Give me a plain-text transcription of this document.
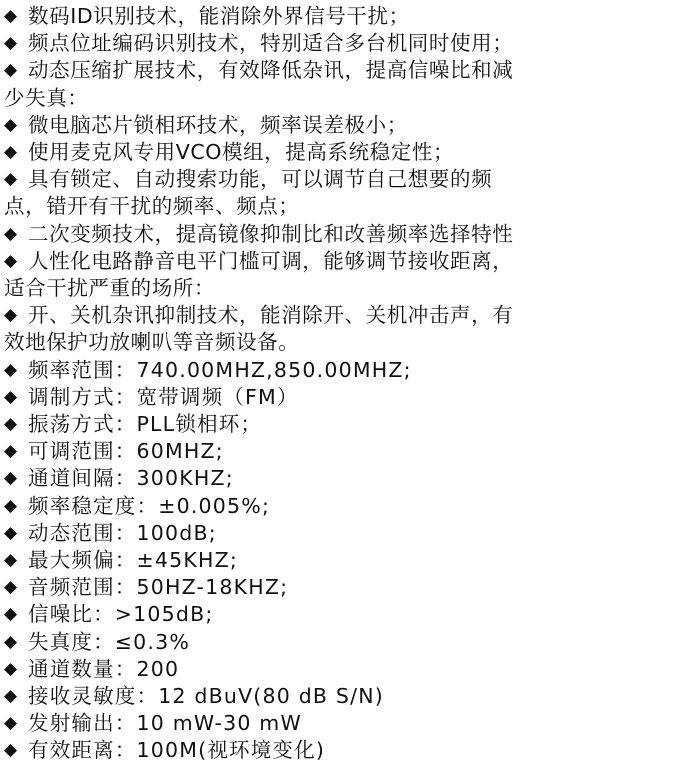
◆ 数码ID识别技术，能消除外界信号干扰；
◆ 频点位址编码识别技术，特别适合多台机同时使用；
◆ 动态压缩扩展技术，有效降低杂讯，提高信噪比和减
少失真：
◆ 微电脑芯片锁相环技术，频率误差极小；
◆ 使用麦克风专用VCO模组，提高系统稳定性；
◆ 具有锁定、自动搜索功能，可以调节自己想要的频
点，错开有干扰的频率、频点；
◆ 二次变频技术，提高镜像抑制比和改善频率选择特性
◆ 人性化电路静音电平门槛可调，能够调节接收距离，
适合干扰严重的场所：
◆ 开、关机杂讯抑制技术，能消除开、关机冲击声，有
效地保护功放喇叭等音频设备。
◆ 频率范围：740.00MHZ,850.00MHZ;
◆ 调制方式：宽带调频（FM）
◆ 振荡方式：PLL锁相环；
◆ 可调范围：60MHZ;
◆ 通道间隔：300KHZ;
◆ 频率稳定度：±0.005%;
◆ 动态范围：100dB;
◆ 最大频偏：±45KHZ;
◆ 音频范围：50HZ-18KHZ;
◆ 信噪比：>105dB;
◆ 失真度：≤0.3%
◆ 通道数量：200
◆ 接收灵敏度：12 dBuV(80 dB S/N)
◆ 发射输出：10 mW-30 mW
◆ 有效距离：100M(视环境变化)
